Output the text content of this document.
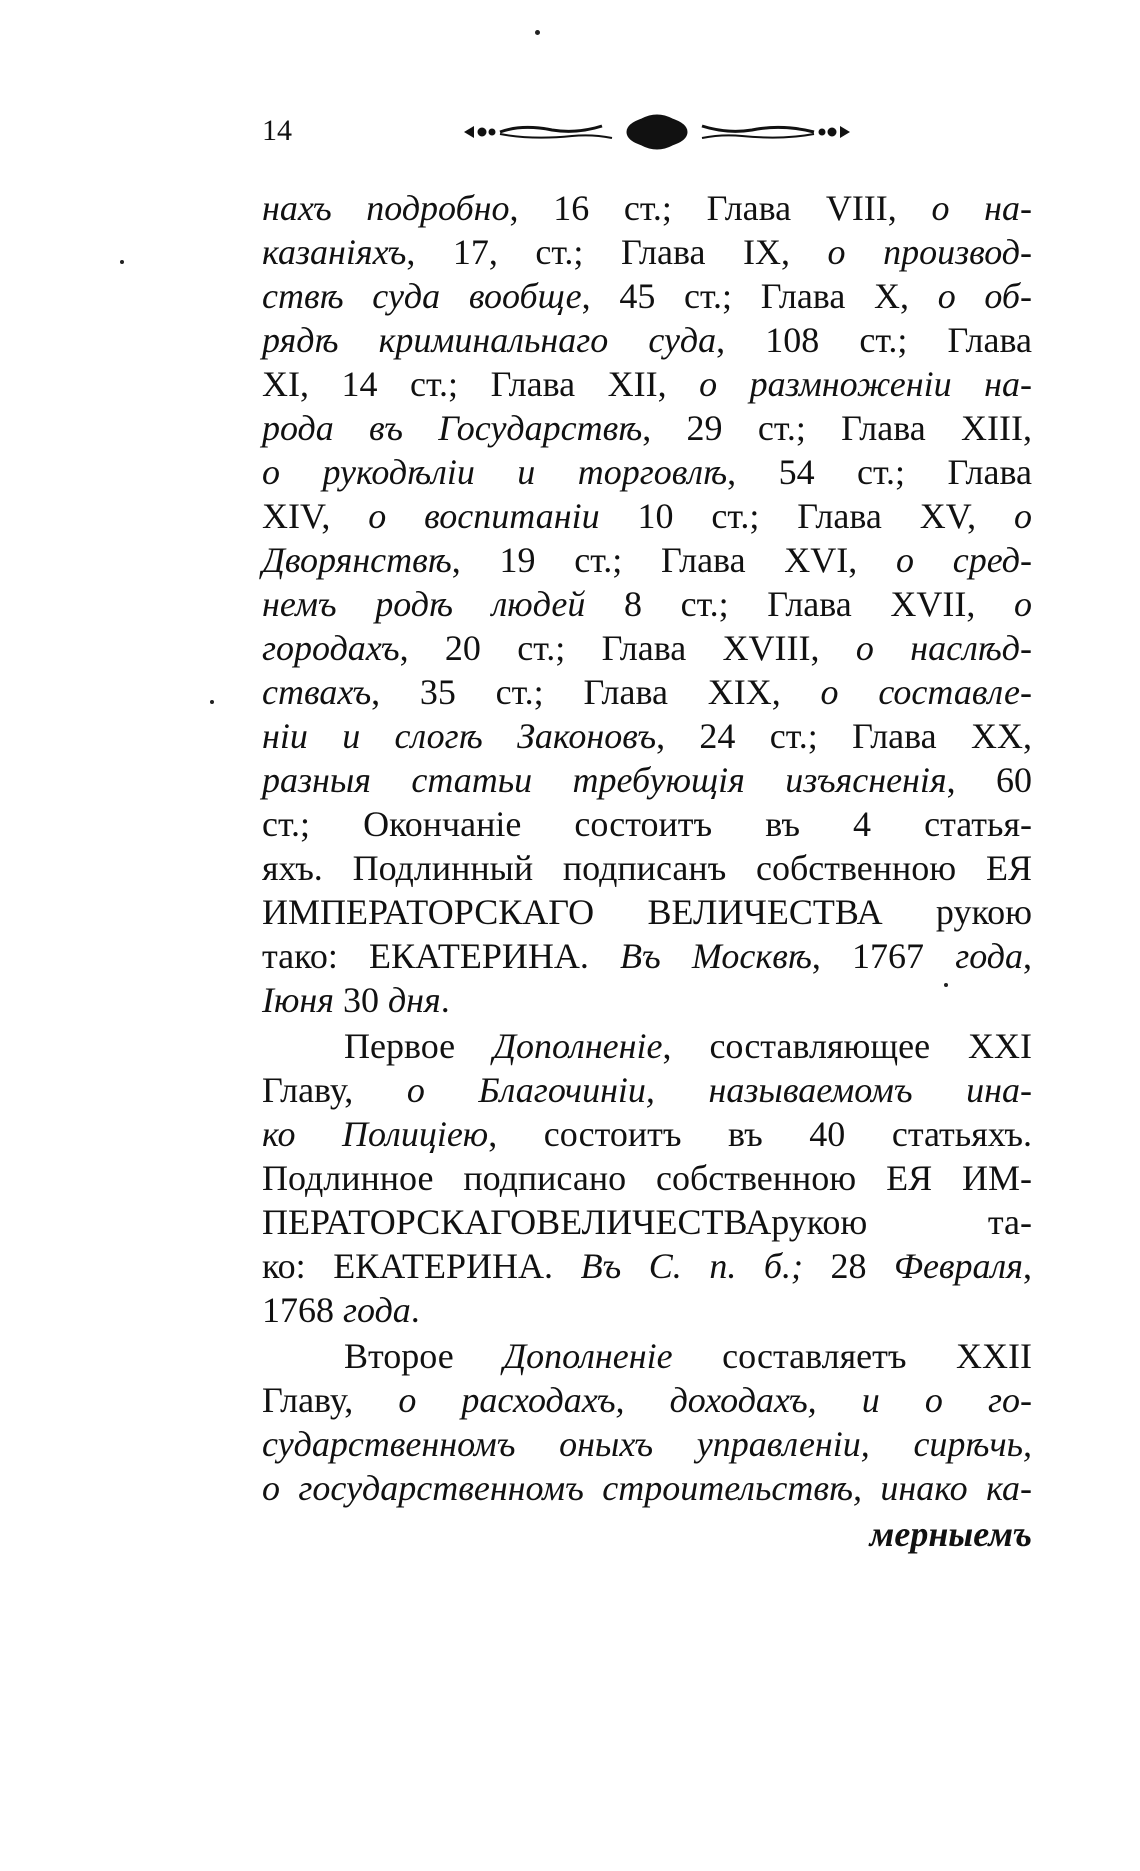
14
нахъ подробно, 16 ст.; Глава VIII, о на-
казаніяхъ, 17, ст.; Глава IX, о производ-
ствѣ суда вообще, 45 ст.; Глава X, о об-
рядѣ криминальнаго суда, 108 ст.; Глава
XI, 14 ст.; Глава XII, о размноженіи на-
рода въ Государствѣ, 29 ст.; Глава XIII,
о рукодѣліи и торговлѣ, 54 ст.; Глава
XIV, о воспитаніи 10 ст.; Глава XV, о
Дворянствѣ, 19 ст.; Глава XVI, о сред-
немъ родѣ людей 8 ст.; Глава XVII, о
городахъ, 20 ст.; Глава XVIII, о наслѣд-
ствахъ, 35 ст.; Глава XIX, о составле-
ніи и слогѣ Законовъ, 24 ст.; Глава XX,
разныя статьи требующія изъясненія, 60
ст.; Окончаніе состоитъ въ 4 статья-
яхъ. Подлинный подписанъ собственною ЕЯ
ИМПЕРАТОРСКАГО ВЕЛИЧЕСТВА рукою
тако: ЕКАТЕРИНА. Въ Москвѣ, 1767 года,
Іюня 30 дня.
Первое Дополненіе, составляющее XXI
Главу, о Благочиніи, называемомъ ина-
ко Полиціею, состоитъ въ 40 статьяхъ.
Подлинное подписано собственною ЕЯ ИМ-
ПЕРАТОРСКАГОВЕЛИЧЕСТВАрукою та-
ко: ЕКАТЕРИНА. Въ С. п. б.; 28 Февраля,
1768 года.
Второе Дополненіе составляетъ XXII
Главу, о расходахъ, доходахъ, и о го-
сударственномъ оныхъ управленіи, сирѣчь,
о государственномъ строительствѣ, инако ка-
мерныемъ
